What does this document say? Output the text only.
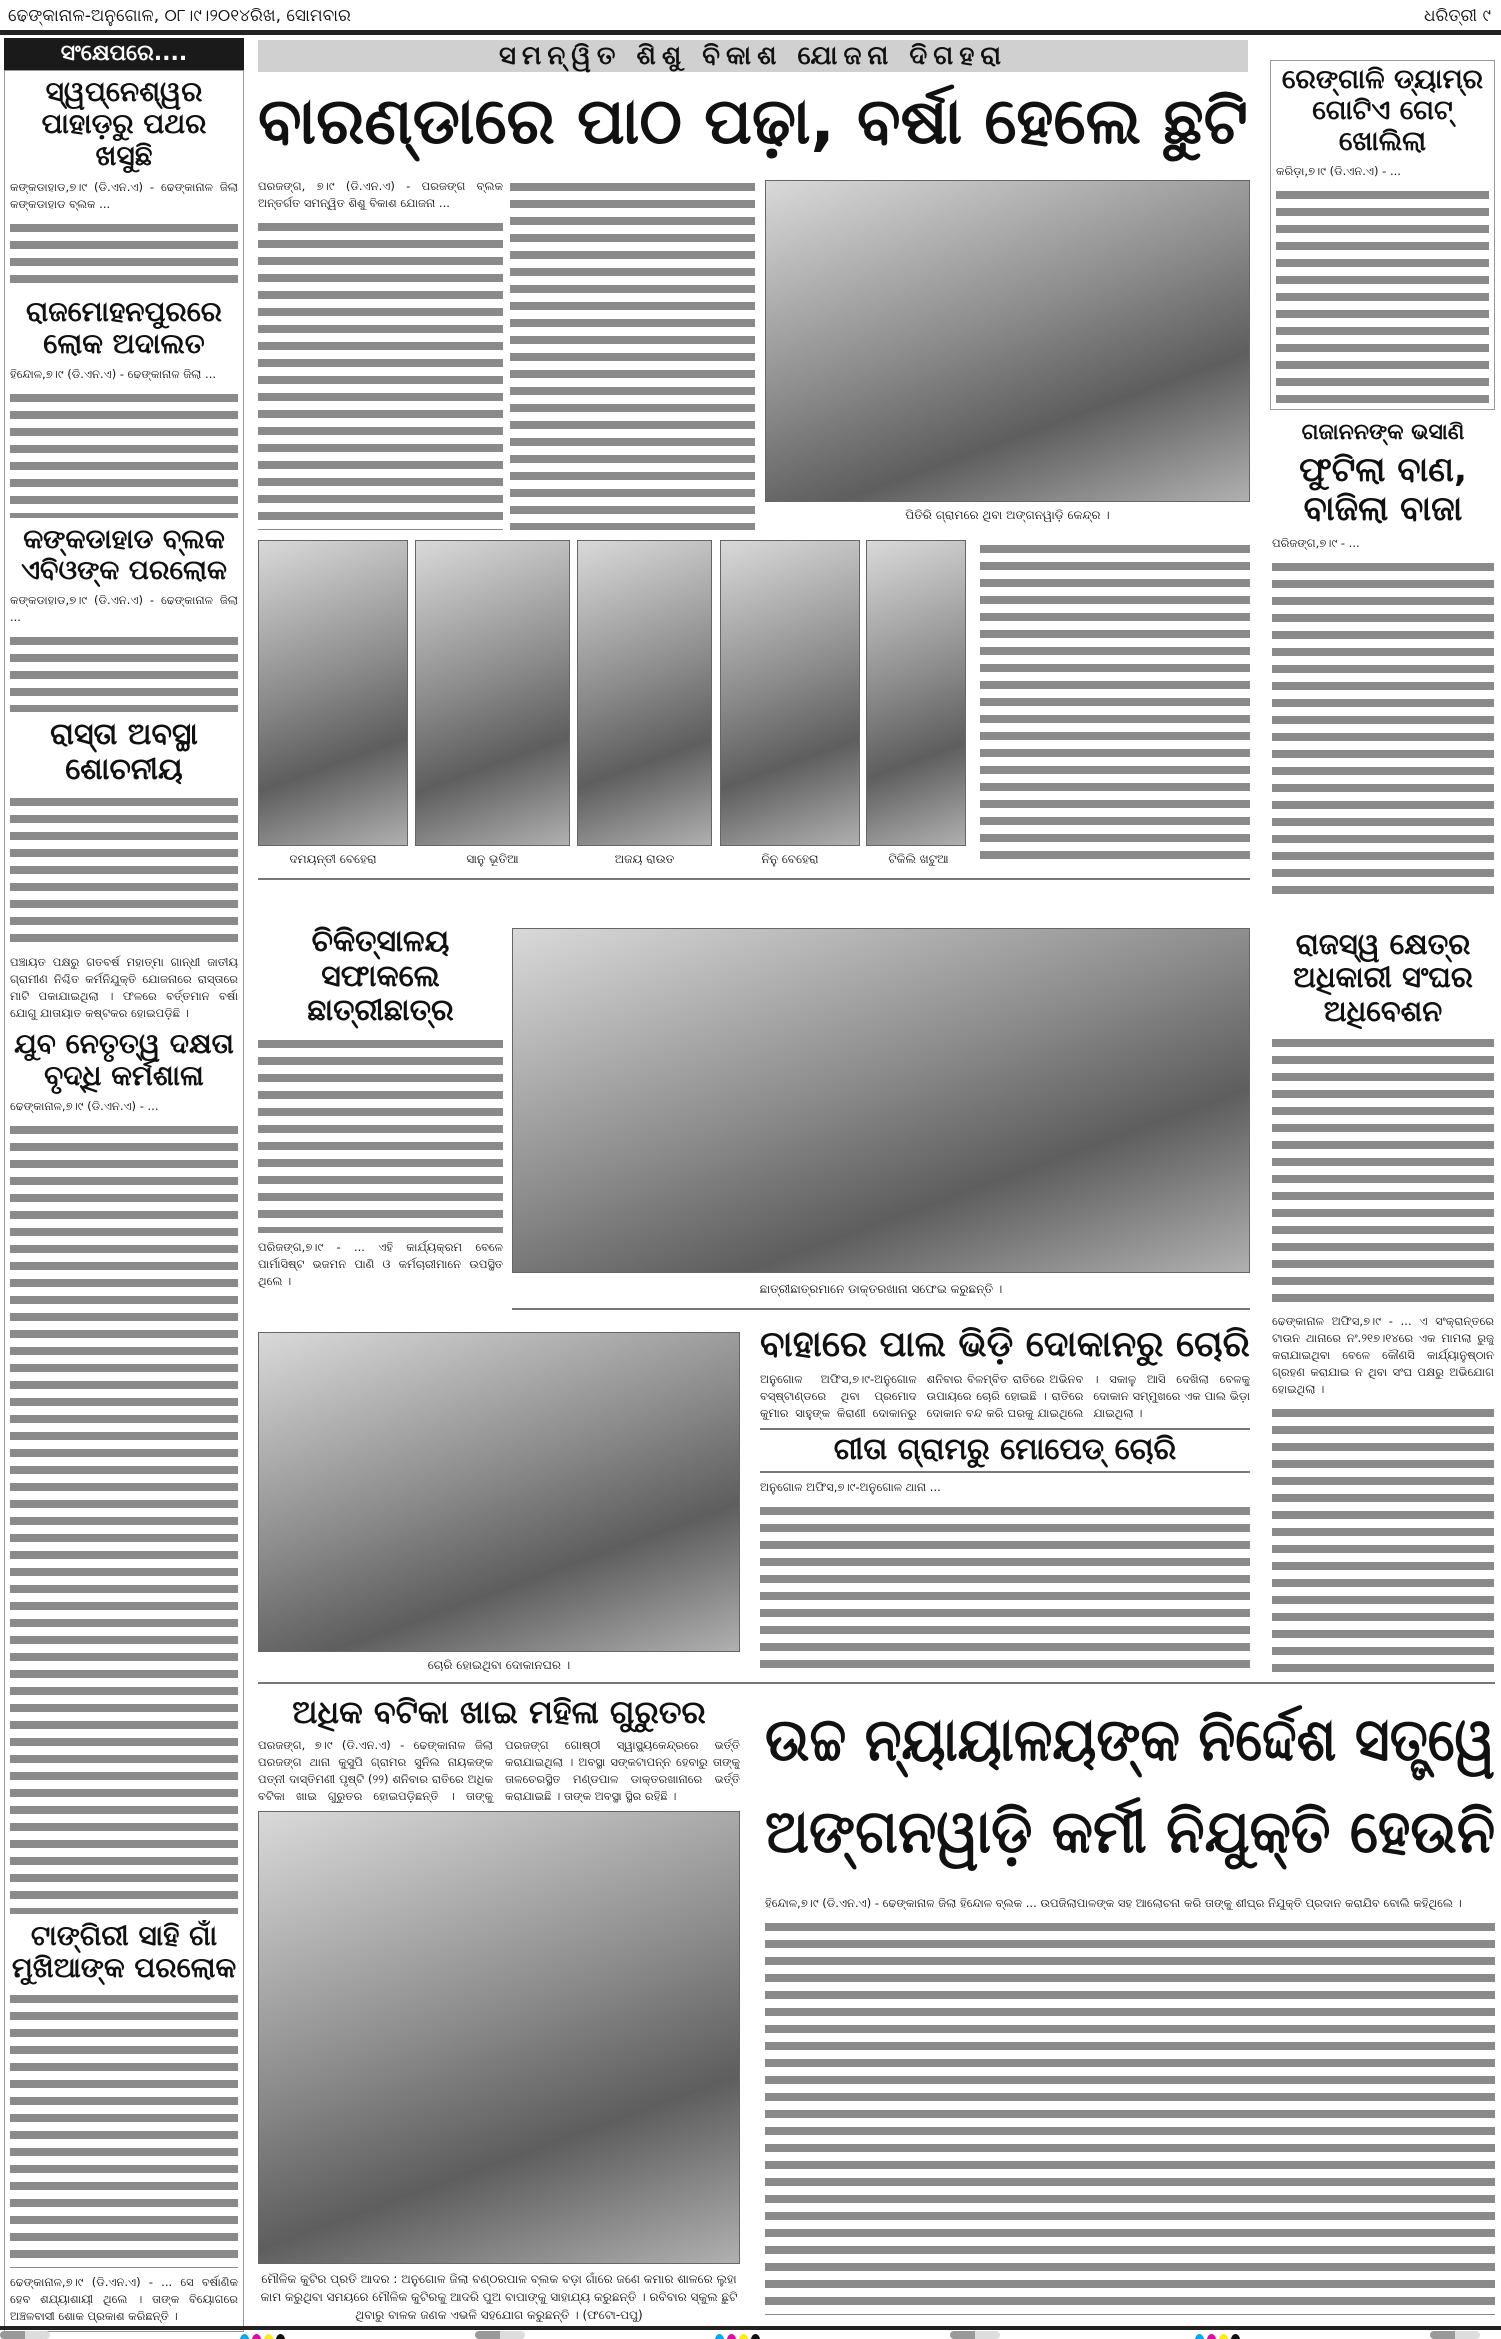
ଢେଙ୍କାନାଳ-ଅନୁଗୋଳ, ୦୮।୯।୨୦୧୪ରିଖ, ସୋମବାର	ଧରିତ୍ରୀ ୯
ସଂକ୍ଷେପରେ....
ସ୍ୱପ୍ନେଶ୍ୱର ପାହାଡ଼ରୁ ପଥର ଖସୁଛି
କଙ୍କଡାହାଡ,୭।୯ (ଡି.ଏନ.ଏ) - ଢେଙ୍କାନାଳ ଜିଲା କଙ୍କଡାହାଡ ବ୍ଲକ ...
ରାଜମୋହନପୁରରେ ଲୋକ ଅଦାଲତ
ହିନ୍ଦୋଳ,୭।୯ (ଡି.ଏନ.ଏ) - ଢେଙ୍କାନାଳ ଜିଲା ...
କଙ୍କଡାହାଡ ବ୍ଲକ ଏବିଓଙ୍କ ପରଲୋକ
କଙ୍କଡାହାଡ,୭।୯ (ଡି.ଏନ.ଏ) - ଢେଙ୍କାନାଳ ଜିଲା ...
ରାସ୍ତା ଅବସ୍ଥା ଶୋଚନୀୟ
ପଞ୍ଚାୟତ ପକ୍ଷରୁ ଗତବର୍ଷ ମହାତ୍ମା ଗାନ୍ଧୀ ଜାତୀୟ ଗ୍ରାମୀଣ ନିଶ୍ଚିତ କର୍ମନିଯୁକ୍ତି ଯୋଜନାରେ ରାସ୍ତାରେ ମାଟି ପକାଯାଇଥିଲା । ଫଳରେ ବର୍ତ୍ତମାନ ବର୍ଷା ଯୋଗୁ ଯାତାୟାତ କଷ୍ଟକର ହୋଇପଡ଼ିଛି ।
ଯୁବ ନେତୃତ୍ୱ ଦକ୍ଷତା ବୃଦ୍ଧି କର୍ମଶାଳା
ଢେଙ୍କାନାଳ,୭।୯ (ଡି.ଏନ.ଏ) - ...
ଟାଙ୍ଗିରୀ ସାହି ଗାଁ ମୁଖିଆଙ୍କ ପରଲୋକ
ଢେଙ୍କାନାଳ,୭।୯ (ଡି.ଏନ.ଏ) - ... ସେ ବର୍ଷାଣିକ ହେବ ଶଯ୍ୟାଶାୟୀ ଥିଲେ । ତାଙ୍କ ବିୟୋଗରେ ଅଞ୍ଚଳବାସୀ ଶୋକ ପ୍ରକାଶ କରିଛନ୍ତି ।
ସମନ୍ୱିତ ଶିଶୁ ବିକାଶ ଯୋଜନା ଦିଗହରା
ବାରଣ୍ଡାରେ ପାଠ ପଢ଼ା, ବର୍ଷା ହେଲେ ଛୁଟି
ପରଜଙ୍ଗ, ୭।୯ (ଡି.ଏନ.ଏ) - ପରଜଙ୍ଗ ବ୍ଲକ ଅନ୍ତର୍ଗତ ସମନ୍ୱିତ ଶିଶୁ ବିକାଶ ଯୋଜନା ...
ପିତିରି ଗ୍ରାମରେ ଥିବା ଅଙ୍ଗନୱାଡ଼ି କେନ୍ଦ୍ର ।
ଦମୟନ୍ତୀ ବେହେରା	ସାନୁ ଭୂତିଆ	ଅଜୟ ରାଉତ	ନିନୁ ବେହେରା	ଟିକିଲି ଖଟୁଆ
ରେଙ୍ଗାଳି ଡ୍ୟାମ୍‌ର ଗୋଟିଏ ଗେଟ୍ ଖୋଲିଲା
କରିଡ଼ା,୭।୯ (ଡି.ଏନ.ଏ) - ...
ଗଜାନନଙ୍କ ଭସାଣି
ଫୁଟିଲା ବାଣ, ବାଜିଲା ବାଜା
ପରିଜଙ୍ଗ,୭।୯ - ...
ରାଜସ୍ୱ କ୍ଷେତ୍ର ଅଧିକାରୀ ସଂଘର ଅଧିବେଶନ
ଢେଙ୍କାନାଳ ଅଫିସ,୭।୯ - ... ଏ ସଂକ୍ରାନ୍ତରେ ଟାଉନ ଥାନାରେ ନଂ.୨୧୭।୧୪ରେ ଏକ ମାମଲା ରୁଜୁ କରାଯାଇଥିବା ବେଳେ କୌଣସି କାର୍ଯ୍ୟାନୁଷ୍ଠାନ ଗ୍ରହଣ କରାଯାଇ ନ ଥିବା ସଂଘ ପକ୍ଷରୁ ଅଭିଯୋଗ ହୋଇଥିଲା ।
ଚିକିତ୍ସାଳୟ ସଫାକଲେ ଛାତ୍ରୀଛାତ୍ର
ପରିଜଙ୍ଗ,୭।୯ - ... ଏହି କାର୍ଯ୍ୟକ୍ରମ ବେଳେ ପାର୍ମାସିଷ୍ଟ ଭଜମନ ପାଣି ଓ କର୍ମଚାରୀମାନେ ଉପସ୍ଥିତ ଥିଲେ ।
ଛାତ୍ରୀଛାତ୍ରମାନେ ଡାକ୍ତରଖାନା ସଫେଇ କରୁଛନ୍ତି ।
ଚୋରି ହୋଇଥିବା ଦୋକାନଘର ।
ବାହାରେ ପାଲ ଭିଡ଼ି ଦୋକାନରୁ ଚୋରି
ଅନୁଗୋଳ ଅଫିସ,୭।୯-ଅନୁଗୋଳ ବସ୍‌ଷ୍ଟାଣ୍ଡରେ ଥିବା ପ୍ରମୋଦ କୁମାର ସାହୁଙ୍କ କିରାଣୀ ଦୋକାନରୁ ଶନିବାର ବିଳମ୍ବିତ ରାତିରେ ଅଭିନବ ଉପାୟରେ ଚୋରି ହୋଇଛି । ରାତିରେ ଦୋକାନ ବନ୍ଦ କରି ଘରକୁ ଯାଇଥିଲେ । ସକାଳୁ ଆସି ଦେଖିଲା ବେଳକୁ ଦୋକାନ ସମ୍ମୁଖରେ ଏକ ପାଲ ଭିଡ଼ା ଯାଇଥିଲା ।
ଗୀତା ଗ୍ରାମରୁ ମୋପେଡ୍ ଚୋରି
ଅନୁଗୋଳ ଅଫିସ,୭।୯-ଅନୁଗୋଳ ଥାନା ...
ଅଧିକ ବଟିକା ଖାଇ ମହିଳା ଗୁରୁତର
ପରଜଙ୍ଗ, ୭।୯ (ଡି.ଏନ.ଏ) - ଢେଙ୍କାନାଳ ଜିଲା ପରଜଙ୍ଗ ଥାନା କୁସୁପି ଗ୍ରାମର ସୁନିଲ ନାୟକଙ୍କ ପତ୍ନୀ ଦାସ୍ତିମଣୀ ପୃଷ୍ଟି (୨୨) ଶନିବାର ରାତିରେ ଅଧିକ ବଟିକା ଖାଇ ଗୁରୁତର ହୋଇପଡ଼ିଛନ୍ତି । ତାଙ୍କୁ ପରଜଙ୍ଗ ଗୋଷ୍ଠୀ ସ୍ୱାସ୍ଥ୍ୟକେନ୍ଦ୍ରରେ ଭର୍ତ୍ତି କରାଯାଇଥିଲା । ଅବସ୍ଥା ସଙ୍କଟାପନ୍ନ ହେବାରୁ ତାଙ୍କୁ ତାଳଚେରସ୍ଥିତ ମଣ୍ଡପାଳ ଡାକ୍ତରଖାନାରେ ଭର୍ତ୍ତି କରାଯାଇଛି । ତାଙ୍କ ଅବସ୍ଥା ସ୍ଥିର ରହିଛି ।
ମୌଳିକ କୁଟିର ପ୍ରତି ଆଦର : ଅନୁଗୋଳ ଜିଲା ବଣ୍ଠରପାଳ ବ୍ଲକ ବଡ଼ା ଗାଁରେ ଜଣେ କମାର ଶାଳରେ ଲୁହା କାମ କରୁଥିବା ସମୟରେ ମୌଳିକ କୁଟିରକୁ ଆଦରି ପୁଅ ବାପାଙ୍କୁ ସାହାଯ୍ୟ କରୁଛନ୍ତି । ରବିବାର ସ୍କୁଲ ଛୁଟି ଥିବାରୁ ବାଳକ ଜଣକ ଏଭଳି ସହଯୋଗ କରୁଛନ୍ତି । (ଫଟୋ-ପପୁ)
ଉଚ୍ଚ ନ୍ୟାୟାଳୟଙ୍କ ନିର୍ଦ୍ଦେଶ ସତ୍ତ୍ୱେ
ଅଙ୍ଗନୱାଡ଼ି କର୍ମୀ ନିଯୁକ୍ତି ହେଉନି
ହିନ୍ଦୋଳ,୭।୯ (ଡି.ଏନ.ଏ) - ଢେଙ୍କାନାଳ ଜିଲା ହିନ୍ଦୋଳ ବ୍ଲକ ... ଉପଜିଲାପାଳଙ୍କ ସହ ଆଲୋଚନା କରି ତାଙ୍କୁ ଶୀଘ୍ର ନିଯୁକ୍ତି ପ୍ରଦାନ କରାଯିବ ବୋଲି କହିଥିଲେ ।
